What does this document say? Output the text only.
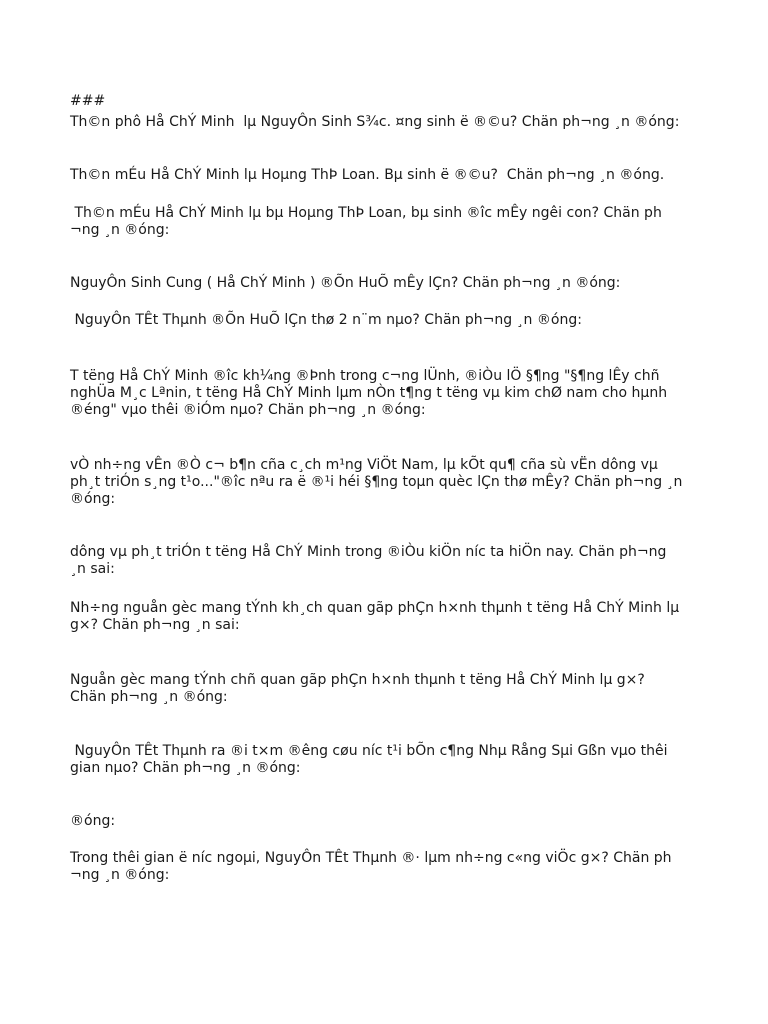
###
Th©n phô Hå ChÝ Minh  lµ NguyÔn Sinh S¾c. ¤ng sinh ë ®©u? Chän ph¬ng ¸n ®óng:
Th©n mÉu Hå ChÝ Minh lµ Hoµng ThÞ Loan. Bµ sinh ë ®©u?  Chän ph¬ng ¸n ®óng.
Th©n mÉu Hå ChÝ Minh lµ bµ Hoµng ThÞ Loan, bµ sinh ®îc mÊy ngêi con? Chän ph
¬ng ¸n ®óng:
NguyÔn Sinh Cung ( Hå ChÝ Minh ) ®Õn HuÕ mÊy lÇn? Chän ph¬ng ¸n ®óng:
NguyÔn TÊt Thµnh ®Õn HuÕ lÇn thø 2 n¨m nµo? Chän ph¬ng ¸n ®óng:
T tëng Hå ChÝ Minh ®îc kh¼ng ®Þnh trong c¬ng lÜnh, ®iÒu lÖ §¶ng "§¶ng lÊy chñ
nghÜa M¸c Lªnin, t tëng Hå ChÝ Minh lµm nÒn t¶ng t tëng vµ kim chØ nam cho hµnh
®éng" vµo thêi ®iÓm nµo? Chän ph¬ng ¸n ®óng:
vÒ nh÷ng vÊn ®Ò c¬ b¶n cña c¸ch m¹ng ViÖt Nam, lµ kÕt qu¶ cña sù vËn dông vµ
ph¸t triÓn s¸ng t¹o..."®îc nªu ra ë ®¹i héi §¶ng toµn quèc lÇn thø mÊy? Chän ph¬ng ¸n
®óng:
dông vµ ph¸t triÓn t tëng Hå ChÝ Minh trong ®iÒu kiÖn níc ta hiÖn nay. Chän ph¬ng
¸n sai:
Nh÷ng nguån gèc mang tÝnh kh¸ch quan gãp phÇn h×nh thµnh t tëng Hå ChÝ Minh lµ
g×? Chän ph¬ng ¸n sai:
Nguån gèc mang tÝnh chñ quan gãp phÇn h×nh thµnh t tëng Hå ChÝ Minh lµ g×?
Chän ph¬ng ¸n ®óng:
NguyÔn TÊt Thµnh ra ®i t×m ®êng cøu níc t¹i bÕn c¶ng Nhµ Rång Sµi Gßn vµo thêi
gian nµo? Chän ph¬ng ¸n ®óng:
®óng:
Trong thêi gian ë níc ngoµi, NguyÔn TÊt Thµnh ®· lµm nh÷ng c«ng viÖc g×? Chän ph
¬ng ¸n ®óng:
